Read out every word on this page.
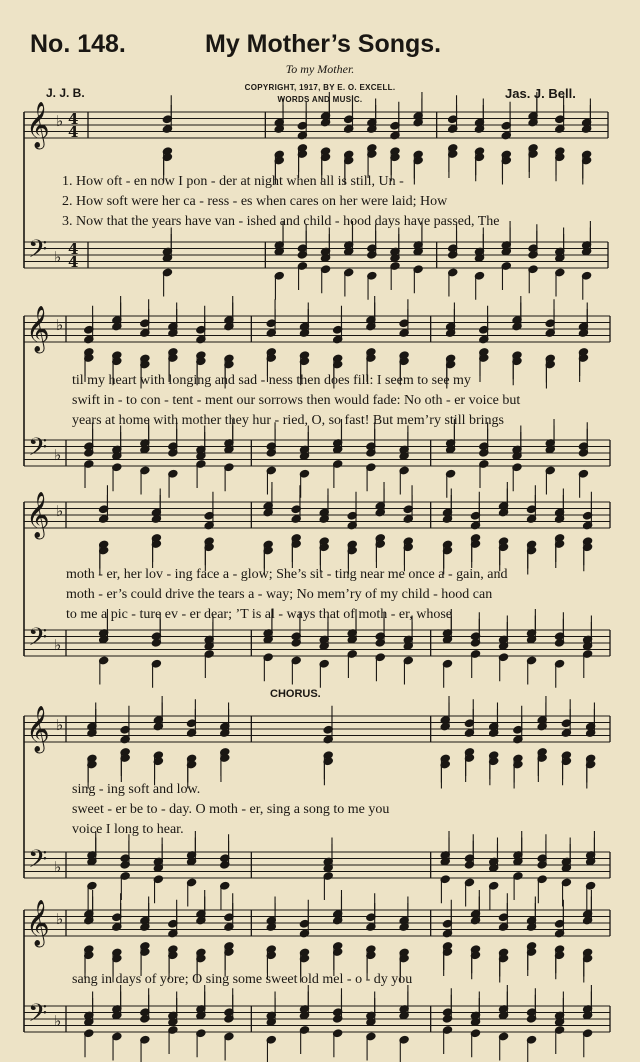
No. 148.	My Mother’s Songs.
To my Mother.
J. J. B.	COPYRIGHT, 1917, BY E. O. EXCELL.
WORDS AND MUSIC.	Jas. J. Bell.
𝄞
𝄢
♭
♭
4
4
4
4
𝄞
𝄢
♭
♭
𝄞
𝄢
♭
♭
𝄞
𝄢
♭
♭
𝄞
𝄢
♭
♭
1. How oft - en now I pon - der at night when all is still, Un -
2. How soft were her ca - ress - es when cares on her were laid; How
3. Now that the years have van - ished and child - hood days have passed, The
til my heart with longing and sad - ness then does fill: I seem to see my
swift in - to con - tent - ment our sorrows then would fade: No oth - er voice but
years at home with mother they hur - ried, O, so fast! But mem’ry still brings
moth - er, her lov - ing face a - glow; She’s sit - ting near me once a - gain, and
moth - er’s could drive the tears a - way; No mem’ry of my child - hood can
to me a pic - ture ev - er dear; ’T is al - ways that of moth - er, whose
CHORUS.
sing - ing soft and low.
sweet - er be to - day. O moth - er, sing a song to me you
voice I long to hear.
sang in days of yore; O sing some sweet old mel - o - dy you
